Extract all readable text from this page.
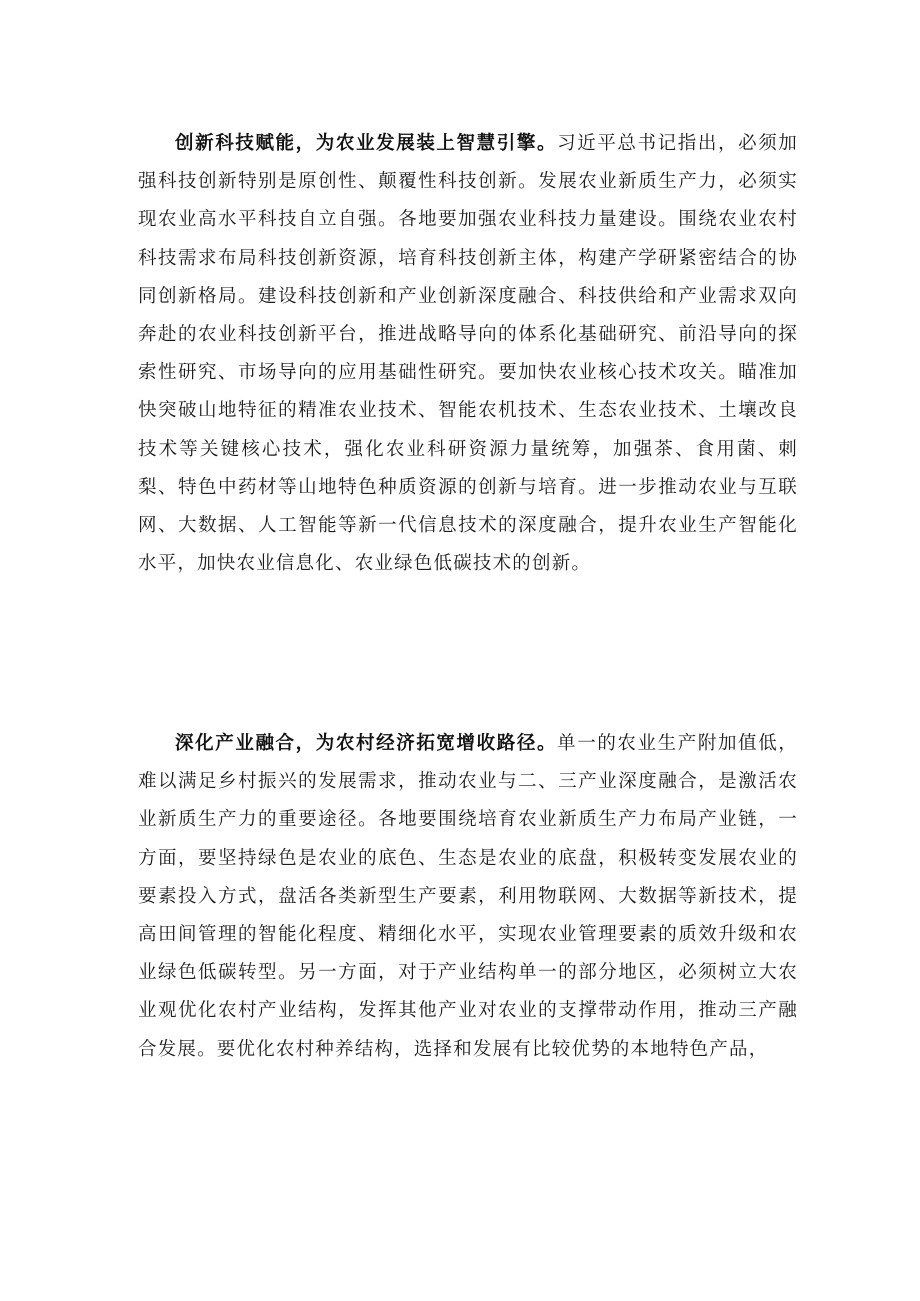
创新科技赋能，为农业发展装上智慧引擎。习近平总书记指出，必须加强科技创新特别是原创性、颠覆性科技创新。发展农业新质生产力，必须实现农业高水平科技自立自强。各地要加强农业科技力量建设。围绕农业农村科技需求布局科技创新资源，培育科技创新主体，构建产学研紧密结合的协同创新格局。建设科技创新和产业创新深度融合、科技供给和产业需求双向奔赴的农业科技创新平台，推进战略导向的体系化基础研究、前沿导向的探索性研究、市场导向的应用基础性研究。要加快农业核心技术攻关。瞄准加快突破山地特征的精准农业技术、智能农机技术、生态农业技术、土壤改良技术等关键核心技术，强化农业科研资源力量统筹，加强茶、食用菌、刺梨、特色中药材等山地特色种质资源的创新与培育。进一步推动农业与互联网、大数据、人工智能等新一代信息技术的深度融合，提升农业生产智能化水平，加快农业信息化、农业绿色低碳技术的创新。

深化产业融合，为农村经济拓宽增收路径。单一的农业生产附加值低，难以满足乡村振兴的发展需求，推动农业与二、三产业深度融合，是激活农业新质生产力的重要途径。各地要围绕培育农业新质生产力布局产业链，一方面，要坚持绿色是农业的底色、生态是农业的底盘，积极转变发展农业的要素投入方式，盘活各类新型生产要素，利用物联网、大数据等新技术，提高田间管理的智能化程度、精细化水平，实现农业管理要素的质效升级和农业绿色低碳转型。另一方面，对于产业结构单一的部分地区，必须树立大农业观优化农村产业结构，发挥其他产业对农业的支撑带动作用，推动三产融合发展。要优化农村种养结构，选择和发展有比较优势的本地特色产品，
